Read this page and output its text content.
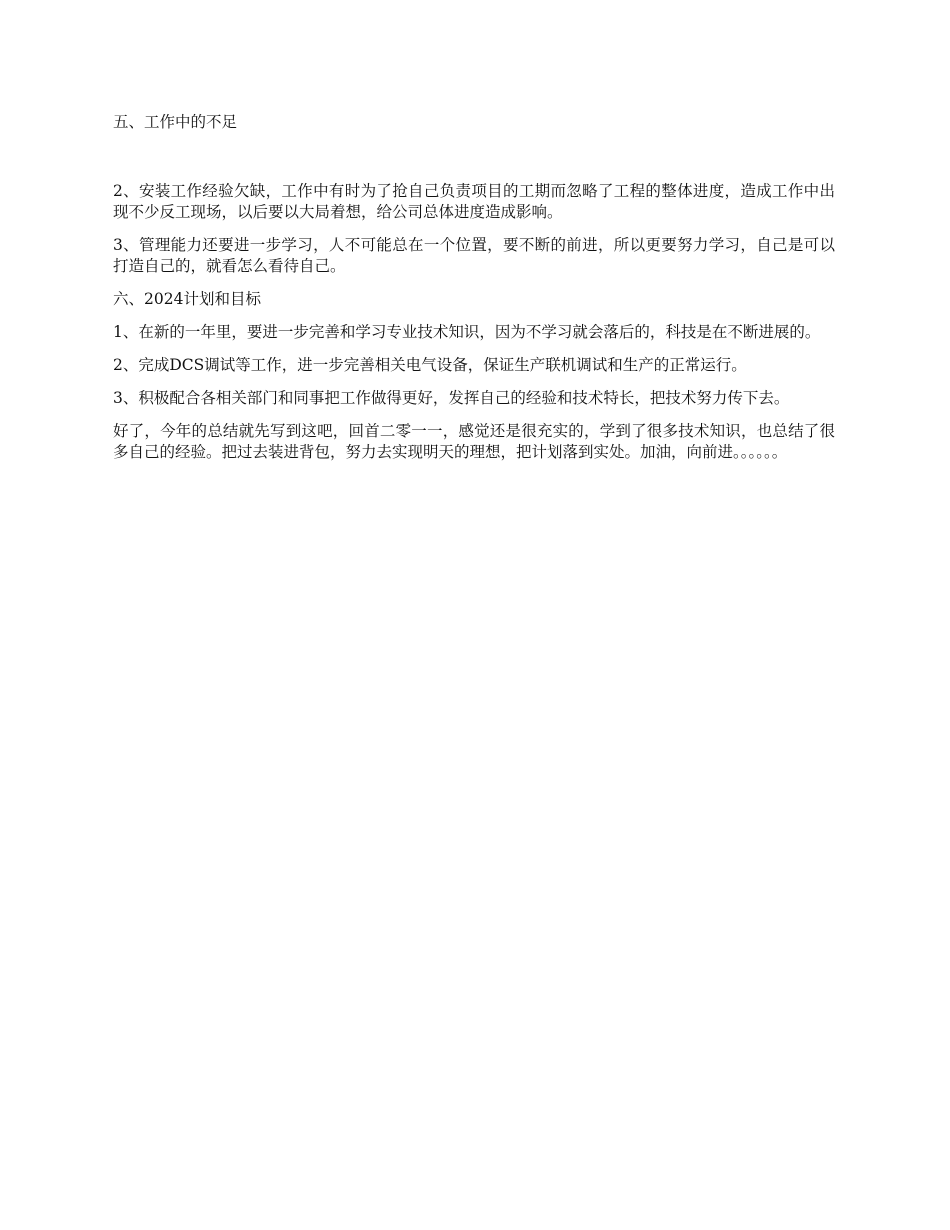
五、工作中的不足

2、安装工作经验欠缺，工作中有时为了抢自己负责项目的工期而忽略了工程的整体进度，造成工作中出现不少反工现场，以后要以大局着想，给公司总体进度造成影响。

3、管理能力还要进一步学习，人不可能总在一个位置，要不断的前进，所以更要努力学习，自己是可以打造自己的，就看怎么看待自己。

六、2024计划和目标

1、在新的一年里，要进一步完善和学习专业技术知识，因为不学习就会落后的，科技是在不断进展的。

2、完成DCS调试等工作，进一步完善相关电气设备，保证生产联机调试和生产的正常运行。

3、积极配合各相关部门和同事把工作做得更好，发挥自己的经验和技术特长，把技术努力传下去。

好了，今年的总结就先写到这吧，回首二零一一，感觉还是很充实的，学到了很多技术知识，也总结了很多自己的经验。把过去装进背包，努力去实现明天的理想，把计划落到实处。加油，向前进。。。。。。
